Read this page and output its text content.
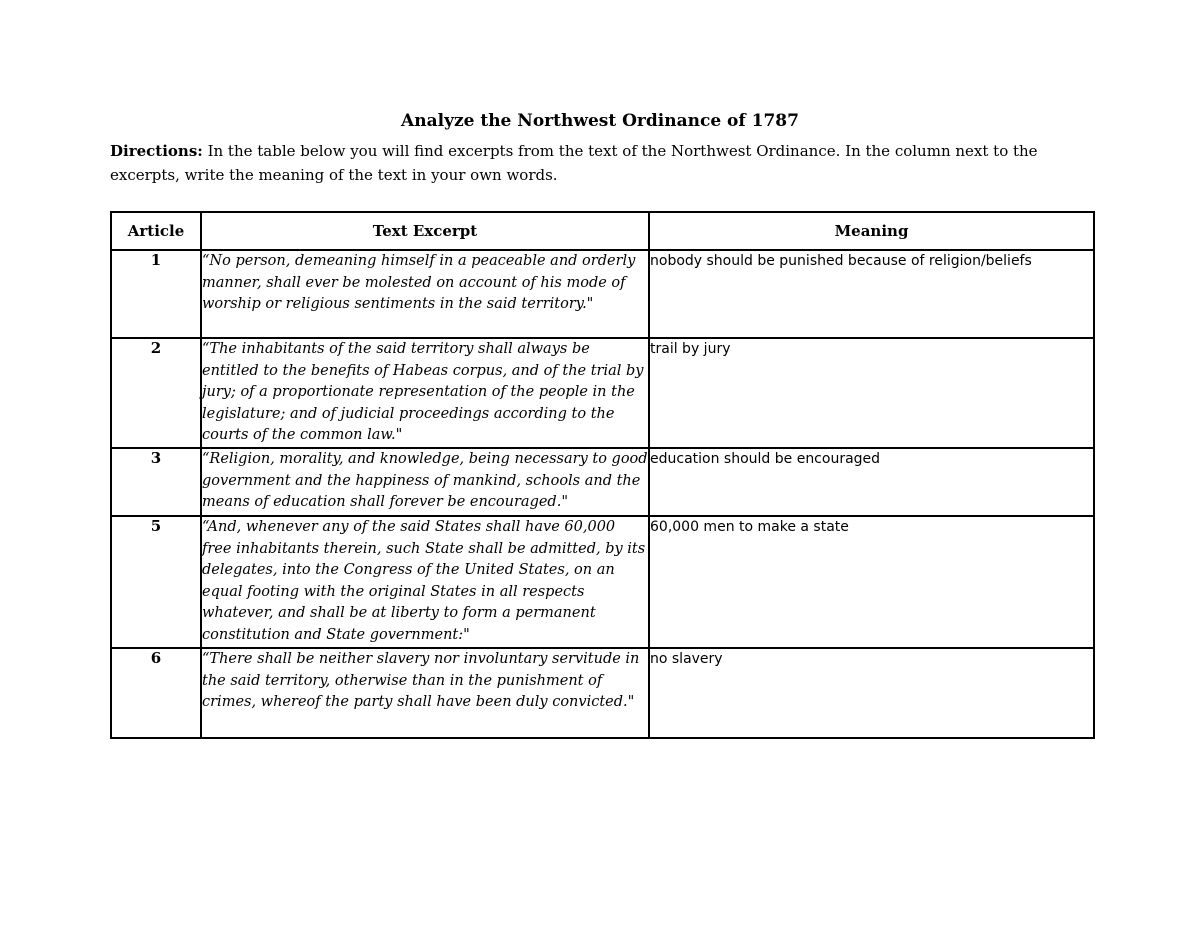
Analyze the Northwest Ordinance of 1787

Directions: In the table below you will find excerpts from the text of the Northwest Ordinance. In the column next to the excerpts, write the meaning of the text in your own words.

Article	Text Excerpt	Meaning
1	“No person, demeaning himself in a peaceable and orderly manner, shall ever be molested on account of his mode of worship or religious sentiments in the said territory."	nobody should be punished because of religion/beliefs
2	“The inhabitants of the said territory shall always be entitled to the benefits of Habeas corpus, and of the trial by jury; of a proportionate representation of the people in the legislature; and of judicial proceedings according to the courts of the common law."	trail by jury
3	“Religion, morality, and knowledge, being necessary to good government and the happiness of mankind, schools and the means of education shall forever be encouraged."	education should be encouraged
5	“And, whenever any of the said States shall have 60,000 free inhabitants therein, such State shall be admitted, by its delegates, into the Congress of the United States, on an equal footing with the original States in all respects whatever, and shall be at liberty to form a permanent constitution and State government:"	60,000 men to make a state
6	“There shall be neither slavery nor involuntary servitude in the said territory, otherwise than in the punishment of crimes, whereof the party shall have been duly convicted."	no slavery
